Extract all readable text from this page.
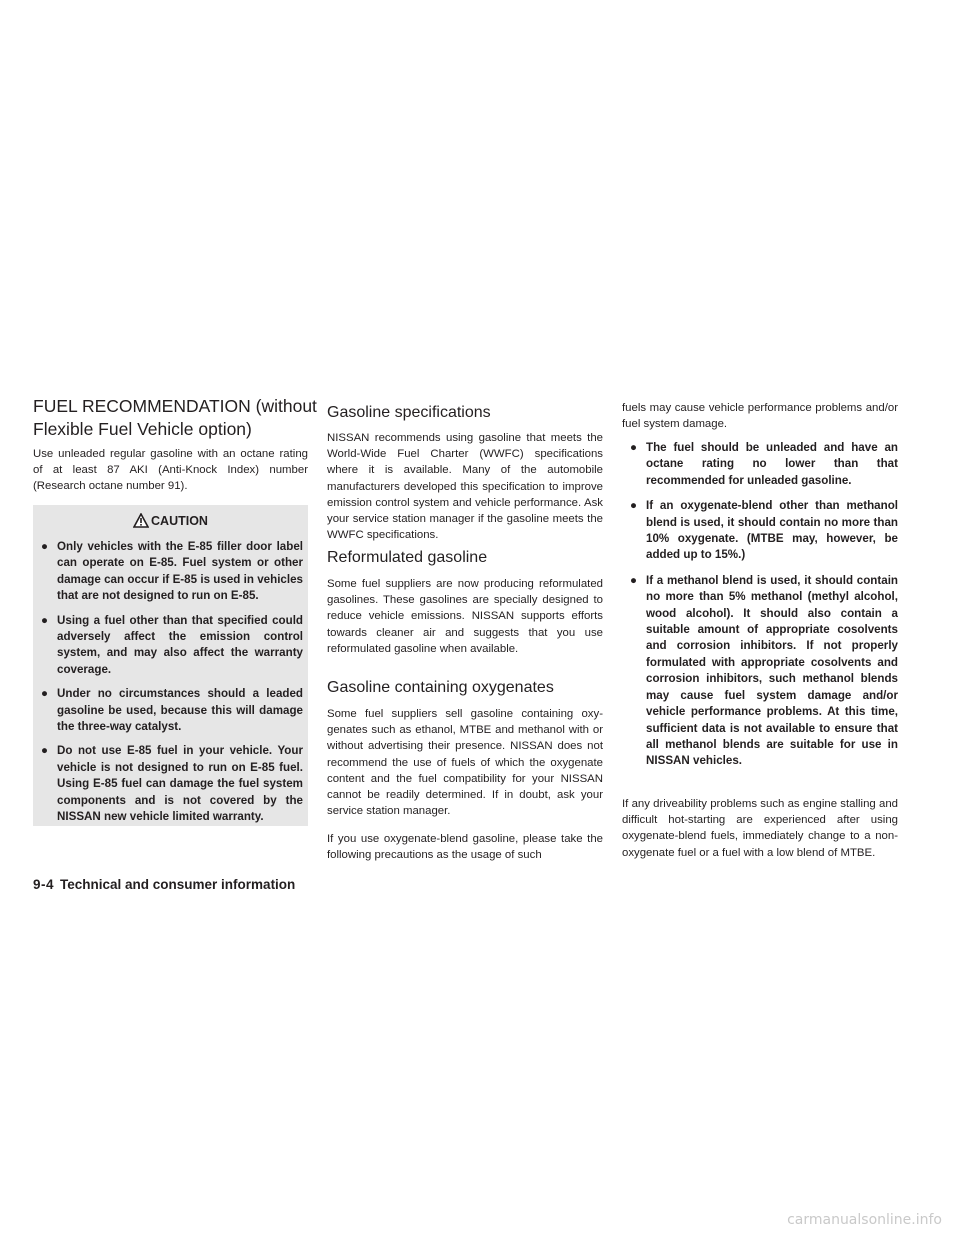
FUEL RECOMMENDATION (without Flexible Fuel Vehicle option)

Use unleaded regular gasoline with an octane rating of at least 87 AKI (Anti-Knock Index) number (Research octane number 91).

CAUTION
● Only vehicles with the E-85 filler door label can operate on E-85. Fuel system or other damage can occur if E-85 is used in vehicles that are not designed to run on E-85.
● Using a fuel other than that specified could adversely affect the emission control system, and may also affect the warranty coverage.
● Under no circumstances should a leaded gasoline be used, because this will damage the three-way catalyst.
● Do not use E-85 fuel in your vehicle. Your vehicle is not designed to run on E-85 fuel. Using E-85 fuel can damage the fuel system components and is not covered by the NISSAN new vehicle limited warranty.
Gasoline specifications

NISSAN recommends using gasoline that meets the World-Wide Fuel Charter (WWFC) specifications where it is available. Many of the automobile manufacturers developed this specification to improve emission control system and vehicle performance. Ask your service station manager if the gasoline meets the WWFC specifications.

Reformulated gasoline

Some fuel suppliers are now producing reformulated gasolines. These gasolines are specially designed to reduce vehicle emissions. NISSAN supports efforts towards cleaner air and suggests that you use reformulated gasoline when available.

Gasoline containing oxygenates

Some fuel suppliers sell gasoline containing oxygenates such as ethanol, MTBE and methanol with or without advertising their presence. NISSAN does not recommend the use of fuels of which the oxygenate content and the fuel compatibility for your NISSAN cannot be readily determined. If in doubt, ask your service station manager.

If you use oxygenate-blend gasoline, please take the following precautions as the usage of such

fuels may cause vehicle performance problems and/or fuel system damage.

● The fuel should be unleaded and have an octane rating no lower than that recommended for unleaded gasoline.
● If an oxygenate-blend other than methanol blend is used, it should contain no more than 10% oxygenate. (MTBE may, however, be added up to 15%.)
● If a methanol blend is used, it should contain no more than 5% methanol (methyl alcohol, wood alcohol). It should also contain a suitable amount of appropriate cosolvents and corrosion inhibitors. If not properly formulated with appropriate cosolvents and corrosion inhibitors, such methanol blends may cause fuel system damage and/or vehicle performance problems. At this time, sufficient data is not available to ensure that all methanol blends are suitable for use in NISSAN vehicles.

If any driveability problems such as engine stalling and difficult hot-starting are experienced after using oxygenate-blend fuels, immediately change to a non-oxygenate fuel or a fuel with a low blend of MTBE.

9-4 Technical and consumer information
carmanualsonline.info
